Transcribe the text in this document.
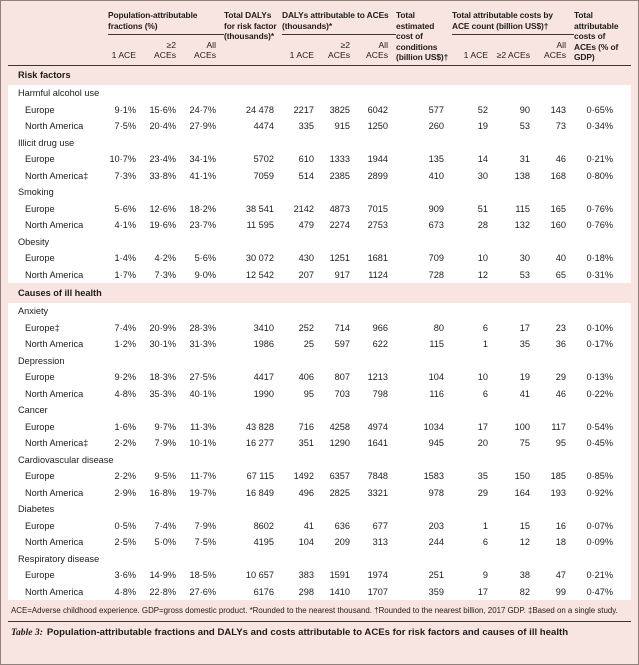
	Population-attributable fractions (%)			Total DALYs for risk factor (thousands)*	DALYs attributable to ACEs (thousands)*			Total estimated cost of conditions (billion US$)†	Total attributable costs by ACE count (billion US$)†			Total attributable costs of ACEs (% of GDP)
	1 ACE	≥2 ACEs	All ACEs		1 ACE	≥2 ACEs	All ACEs		1 ACE	≥2 ACEs	All ACEs	
Risk factors												
Harmful alcohol use												
Europe	9·1%	15·6%	24·7%	24 478	2217	3825	6042	577	52	90	143	0·65%
North America	7·5%	20·4%	27·9%	4474	335	915	1250	260	19	53	73	0·34%
Illicit drug use												
Europe	10·7%	23·4%	34·1%	5702	610	1333	1944	135	14	31	46	0·21%
North America‡	7·3%	33·8%	41·1%	7059	514	2385	2899	410	30	138	168	0·80%
Smoking												
Europe	5·6%	12·6%	18·2%	38 541	2142	4873	7015	909	51	115	165	0·76%
North America	4·1%	19·6%	23·7%	11 595	479	2274	2753	673	28	132	160	0·76%
Obesity												
Europe	1·4%	4·2%	5·6%	30 072	430	1251	1681	709	10	30	40	0·18%
North America	1·7%	7·3%	9·0%	12 542	207	917	1124	728	12	53	65	0·31%
Causes of ill health												
Anxiety												
Europe‡	7·4%	20·9%	28·3%	3410	252	714	966	80	6	17	23	0·10%
North America	1·2%	30·1%	31·3%	1986	25	597	622	115	1	35	36	0·17%
Depression												
Europe	9·2%	18·3%	27·5%	4417	406	807	1213	104	10	19	29	0·13%
North America	4·8%	35·3%	40·1%	1990	95	703	798	116	6	41	46	0·22%
Cancer												
Europe	1·6%	9·7%	11·3%	43 828	716	4258	4974	1034	17	100	117	0·54%
North America‡	2·2%	7·9%	10·1%	16 277	351	1290	1641	945	20	75	95	0·45%
Cardiovascular disease												
Europe	2·2%	9·5%	11·7%	67 115	1492	6357	7848	1583	35	150	185	0·85%
North America	2·9%	16·8%	19·7%	16 849	496	2825	3321	978	29	164	193	0·92%
Diabetes												
Europe	0·5%	7·4%	7·9%	8602	41	636	677	203	1	15	16	0·07%
North America	2·5%	5·0%	7·5%	4195	104	209	313	244	6	12	18	0·09%
Respiratory disease												
Europe	3·6%	14·9%	18·5%	10 657	383	1591	1974	251	9	38	47	0·21%
North America	4·8%	22·8%	27·6%	6176	298	1410	1707	359	17	82	99	0·47%
ACE=Adverse childhood experience. GDP=gross domestic product. *Rounded to the nearest thousand. †Rounded to the nearest billion, 2017 GDP. ‡Based on a single study.
Table 3: Population-attributable fractions and DALYs and costs attributable to ACEs for risk factors and causes of ill health
